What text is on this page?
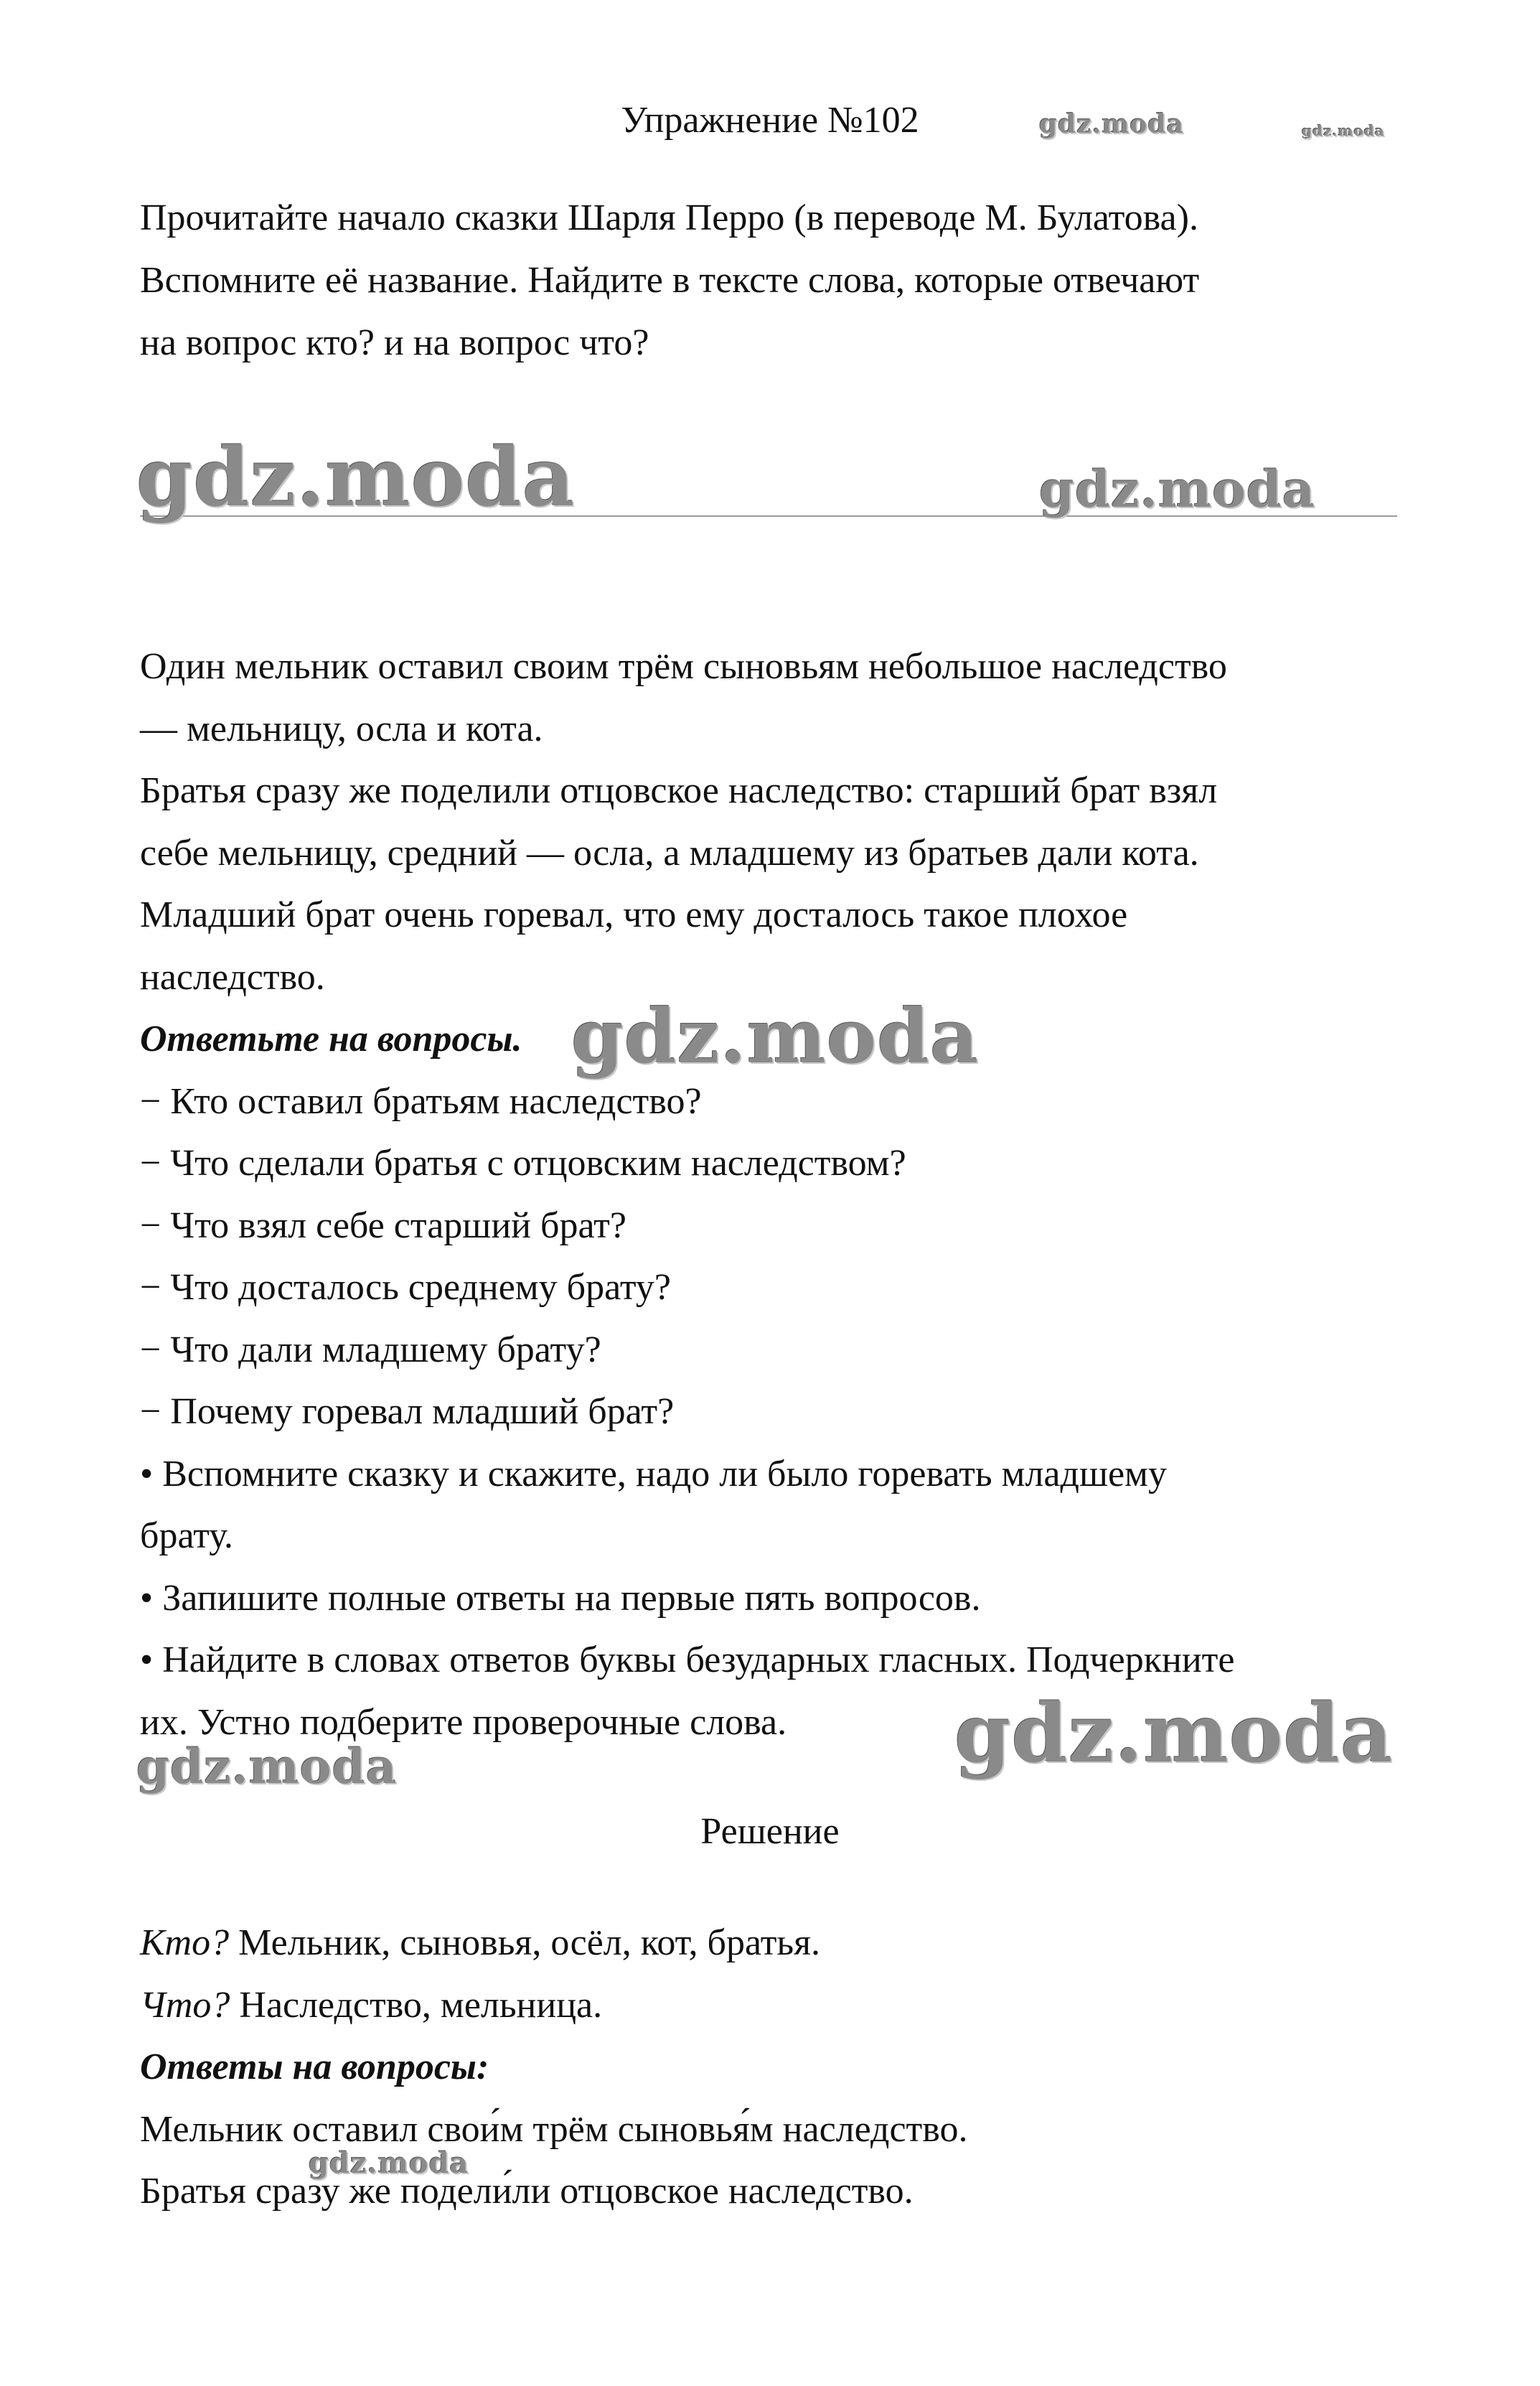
Упражнение №102
Прочитайте начало сказки Шарля Перро (в переводе М. Булатова).
Вспомните её название. Найдите в тексте слова, которые отвечают
на вопрос кто? и на вопрос что?
Один мельник оставил своим трём сыновьям небольшое наследство
— мельницу, осла и кота.
Братья сразу же поделили отцовское наследство: старший брат взял
себе мельницу, средний — осла, а младшему из братьев дали кота.
Младший брат очень горевал, что ему досталось такое плохое
наследство.
Ответьте на вопросы.
− Кто оставил братьям наследство?
− Что сделали братья с отцовским наследством?
− Что взял себе старший брат?
− Что досталось среднему брату?
− Что дали младшему брату?
− Почему горевал младший брат?
• Вспомните сказку и скажите, надо ли было горевать младшему
брату.
• Запишите полные ответы на первые пять вопросов.
• Найдите в словах ответов буквы безударных гласных. Подчеркните
их. Устно подберите проверочные слова.
Решение
Кто? Мельник, сыновья, осёл, кот, братья.
Что? Наследство, мельница.
Ответы на вопросы:
Мельник оставил свои́м трём сыновья́м наследство.
Братья сразу же подели́ли отцовское наследство.
gdz.moda	gdz.moda
gdz.moda	gdz.moda
gdz.moda
gdz.moda
gdz.moda
gdz.moda
